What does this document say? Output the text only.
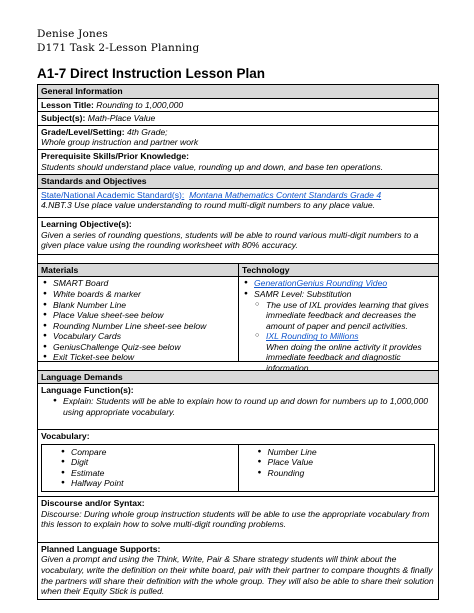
Denise Jones
D171 Task 2-Lesson Planning
A1-7 Direct Instruction Lesson Plan
General Information
Lesson Title: Rounding to 1,000,000
Subject(s): Math-Place Value
Grade/Level/Setting: 4th Grade;
Whole group instruction and partner work
Prerequisite Skills/Prior Knowledge:
Students should understand place value, rounding up and down, and base ten operations.
Standards and Objectives
State/National Academic Standard(s): Montana Mathematics Content Standards Grade 4
4.NBT.3 Use place value understanding to round multi-digit numbers to any place value.
Learning Objective(s):
Given a series of rounding questions, students will be able to round various multi-digit numbers to a given place value using the rounding worksheet with 80% accuracy.
Materials
● SMART Board
● White boards & marker
● Blank Number Line
● Place Value sheet-see below
● Rounding Number Line sheet-see below
● Vocabulary Cards
● GeniusChallenge Quiz-see below
● Exit Ticket-see below
Technology
● GenerationGenius Rounding Video
● SAMR Level: Substitution
○ The use of IXL provides learning that gives
immediate feedback and decreases the
amount of paper and pencil activities.
○ IXL Rounding to Millions
When doing the online activity it provides
immediate feedback and diagnostic information.
Language Demands
Language Function(s):
● Explain: Students will be able to explain how to round up and down for numbers up to 1,000,000 using appropriate vocabulary.
Vocabulary:
● Compare
● Digit
● Estimate
● Halfway Point
● Number Line
● Place Value
● Rounding
Discourse and/or Syntax:
Discourse: During whole group instruction students will be able to use the appropriate vocabulary from this lesson to explain how to solve multi-digit rounding problems.
Planned Language Supports:
Given a prompt and using the Think, Write, Pair & Share strategy students will think about the vocabulary, write the definition on their white board, pair with their partner to compare thoughts & finally the partners will share their definition with the whole group. They will also be able to share their solution when their Equity Stick is pulled.
